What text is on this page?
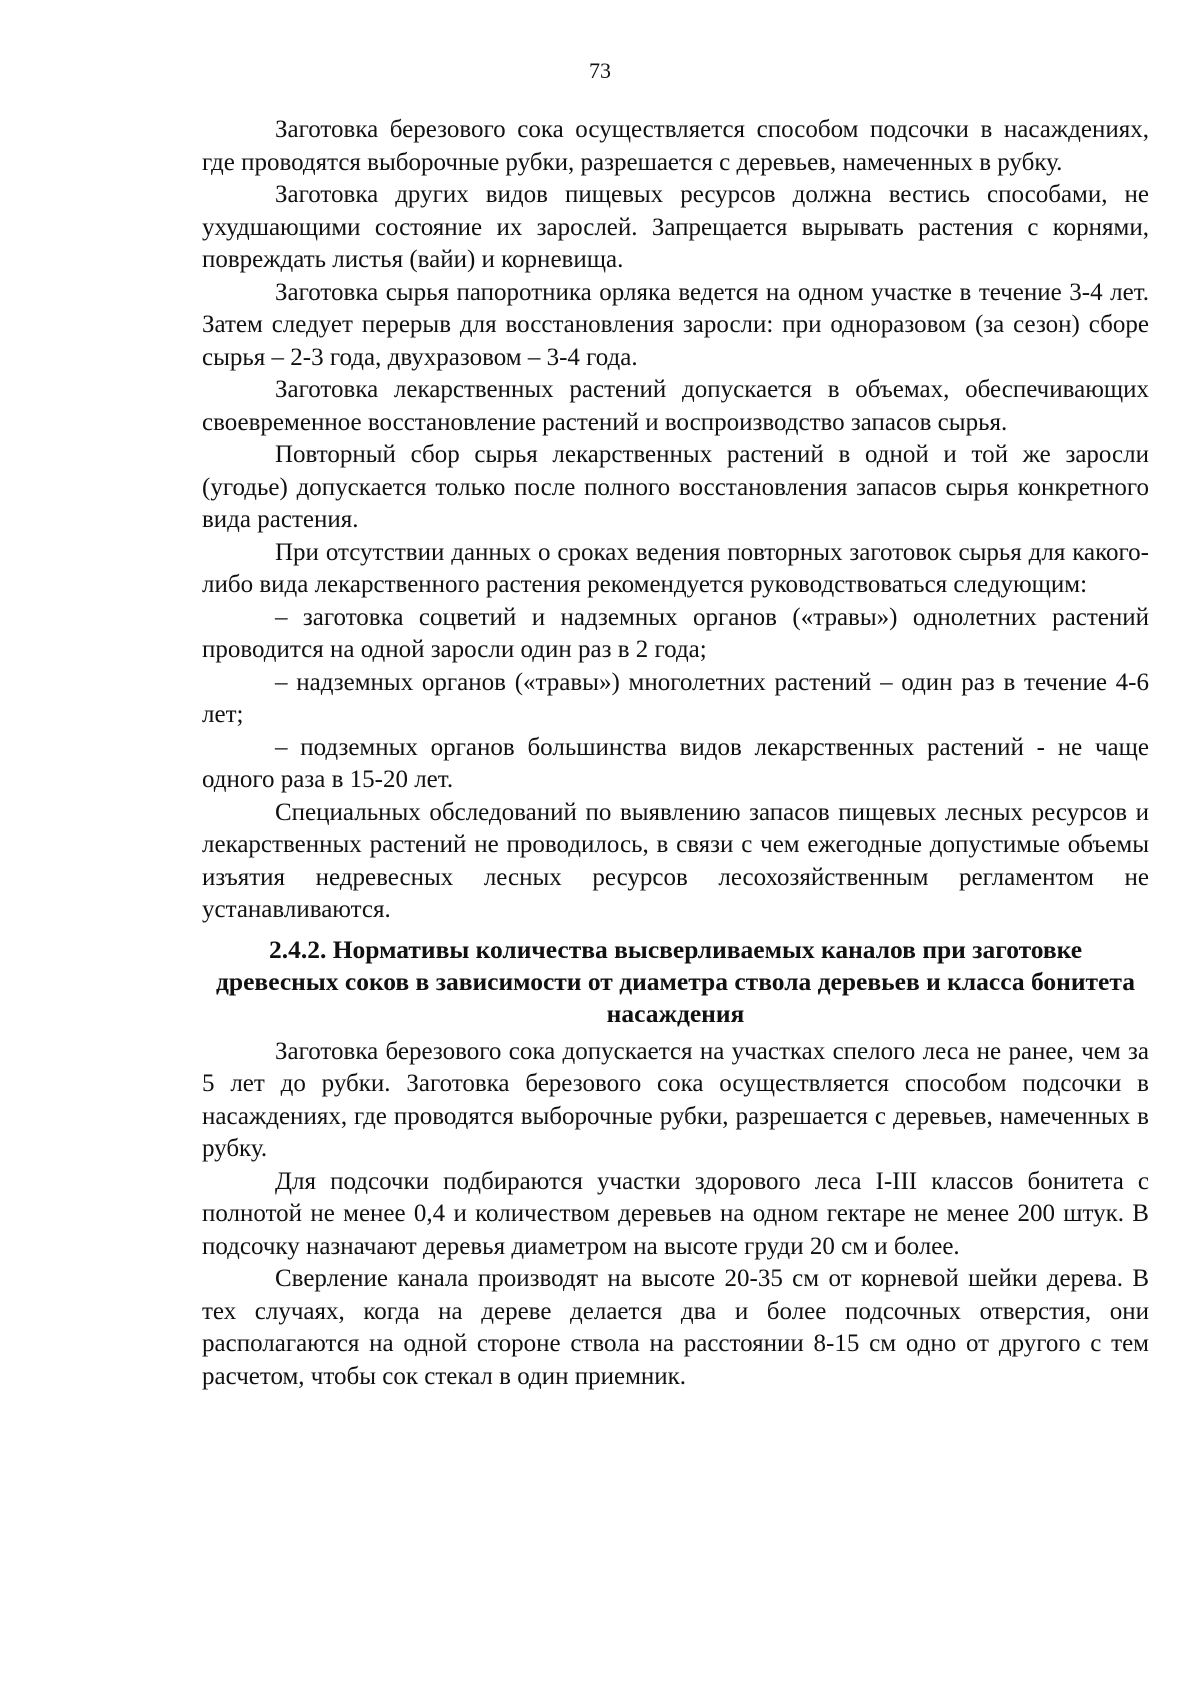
73

Заготовка березового сока осуществляется способом подсочки в насаждениях, где проводятся выборочные рубки, разрешается с деревьев, намеченных в рубку.

Заготовка других видов пищевых ресурсов должна вестись способами, не ухудшающими состояние их зарослей. Запрещается вырывать растения с корнями, повреждать листья (вайи) и корневища.

Заготовка сырья папоротника орляка ведется на одном участке в течение 3-4 лет. Затем следует перерыв для восстановления заросли: при одноразовом (за сезон) сборе сырья – 2-3 года, двухразовом – 3-4 года.

Заготовка лекарственных растений допускается в объемах, обеспечивающих своевременное восстановление растений и воспроизводство запасов сырья.

Повторный сбор сырья лекарственных растений в одной и той же заросли (угодье) допускается только после полного восстановления запасов сырья конкретного вида растения.

При отсутствии данных о сроках ведения повторных заготовок сырья для какого-либо вида лекарственного растения рекомендуется руководствоваться следующим:

– заготовка соцветий и надземных органов («травы») однолетних растений проводится на одной заросли один раз в 2 года;

– надземных органов («травы») многолетних растений – один раз в течение 4-6 лет;

– подземных органов большинства видов лекарственных растений - не чаще одного раза в 15-20 лет.

Специальных обследований по выявлению запасов пищевых лесных ресурсов и лекарственных растений не проводилось, в связи с чем ежегодные допустимые объемы изъятия недревесных лесных ресурсов лесохозяйственным регламентом не устанавливаются.

2.4.2. Нормативы количества высверливаемых каналов при заготовке древесных соков в зависимости от диаметра ствола деревьев и класса бонитета насаждения

Заготовка березового сока допускается на участках спелого леса не ранее, чем за 5 лет до рубки. Заготовка березового сока осуществляется способом подсочки в насаждениях, где проводятся выборочные рубки, разрешается с деревьев, намеченных в рубку.

Для подсочки подбираются участки здорового леса I-III классов бонитета с полнотой не менее 0,4 и количеством деревьев на одном гектаре не менее 200 штук. В подсочку назначают деревья диаметром на высоте груди 20 см и более.

Сверление канала производят на высоте 20-35 см от корневой шейки дерева. В тех случаях, когда на дереве делается два и более подсочных отверстия, они располагаются на одной стороне ствола на расстоянии 8-15 см одно от другого с тем расчетом, чтобы сок стекал в один приемник.
